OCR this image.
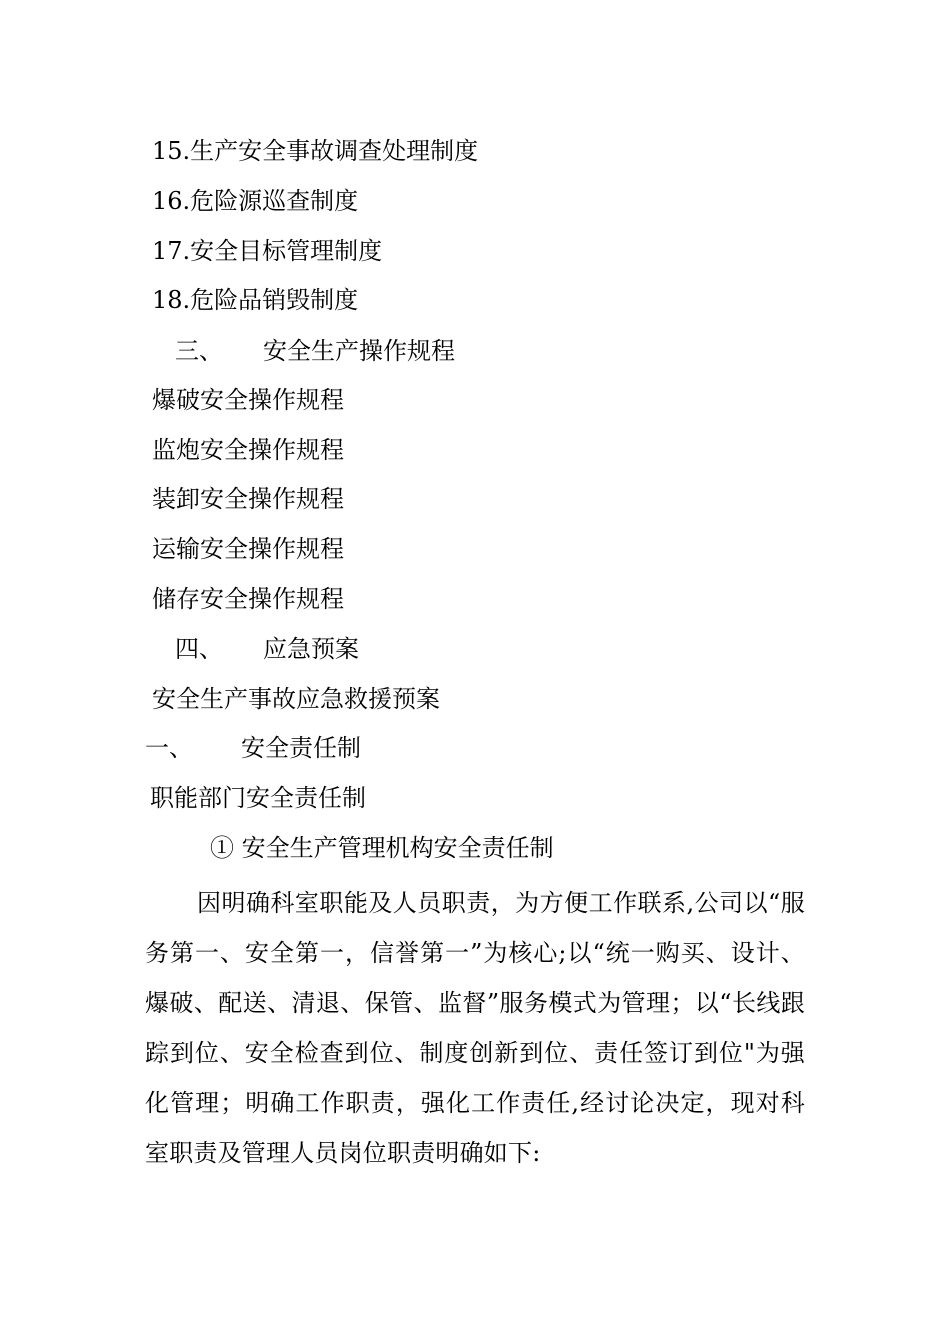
15.生产安全事故调查处理制度
16.危险源巡查制度
17.安全目标管理制度
18.危险品销毁制度
三、 安全生产操作规程
爆破安全操作规程
监炮安全操作规程
装卸安全操作规程
运输安全操作规程
储存安全操作规程
四、 应急预案
安全生产事故应急救援预案
一、 安全责任制
职能部门安全责任制
① 安全生产管理机构安全责任制

因明确科室职能及人员职责，为方便工作联系,公司以“服务第一、安全第一，信誉第一”为核心;以“统一购买、设计、爆破、配送、清退、保管、监督”服务模式为管理；以“长线跟踪到位、安全检查到位、制度创新到位、责任签订到位"为强化管理；明确工作职责，强化工作责任,经讨论决定，现对科室职责及管理人员岗位职责明确如下:
